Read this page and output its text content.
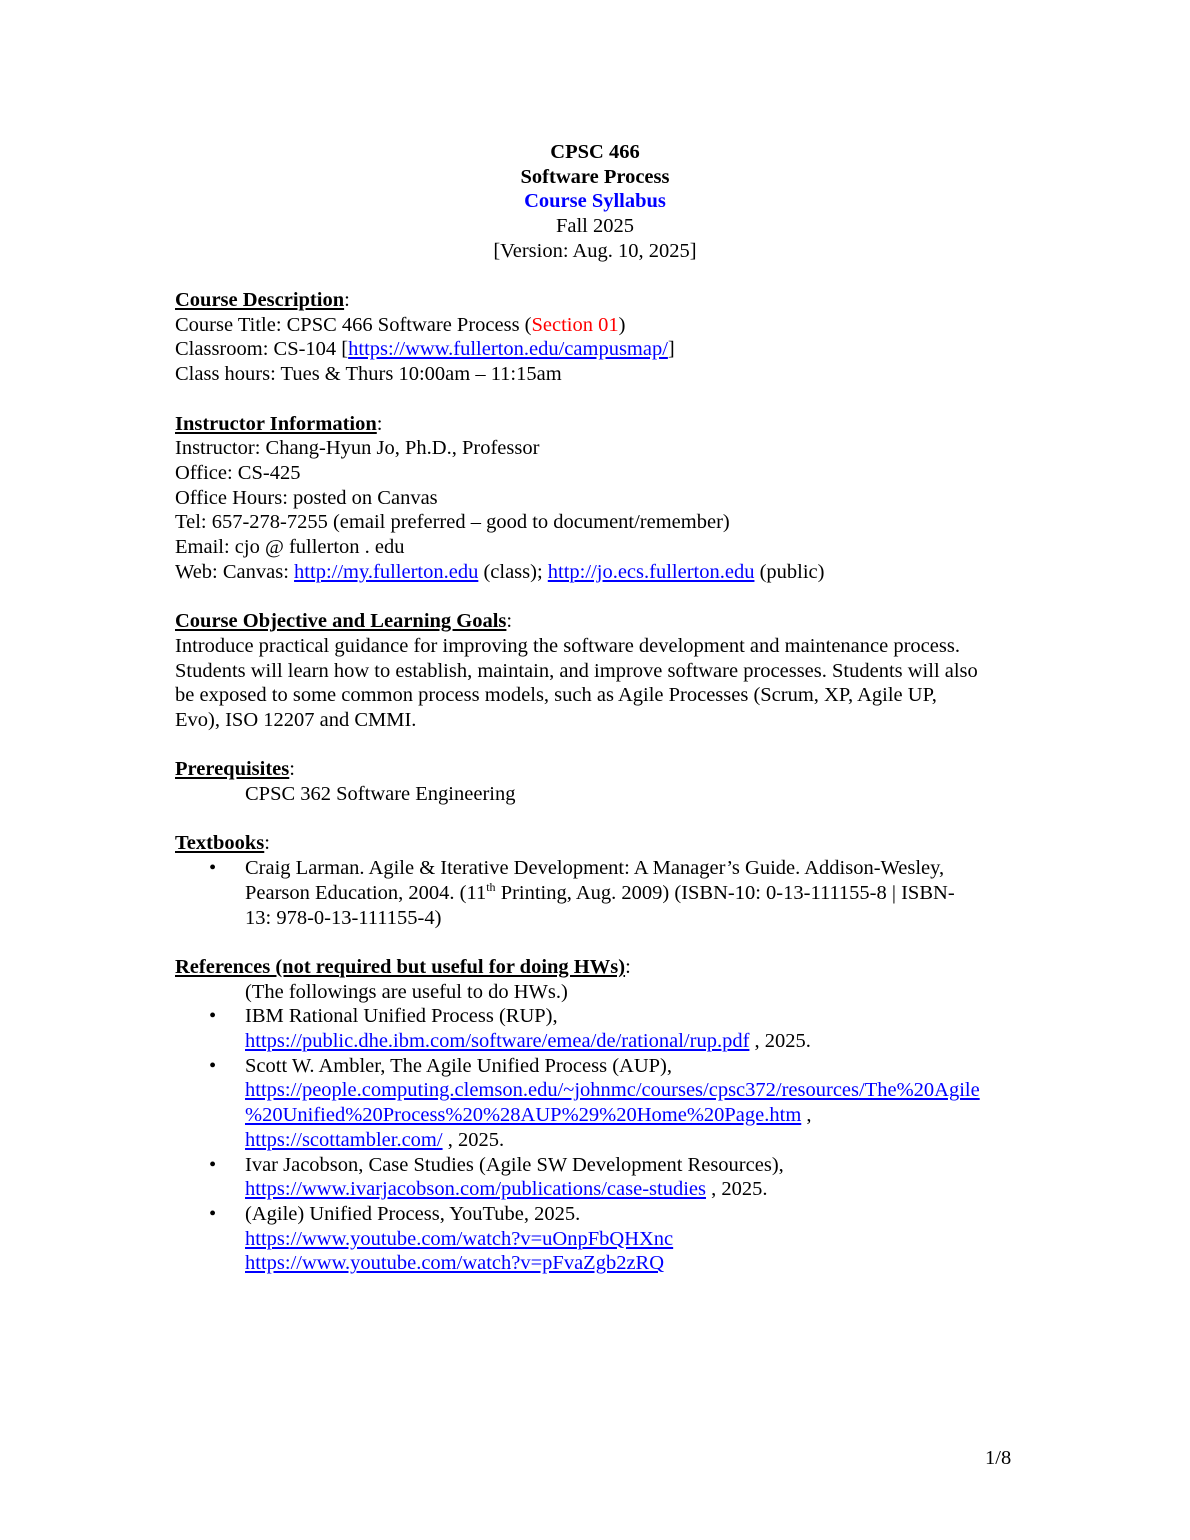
CPSC 466
Software Process
Course Syllabus
Fall 2025
[Version: Aug. 10, 2025]
Course Description:
Course Title: CPSC 466 Software Process (Section 01)
Classroom: CS-104 [https://www.fullerton.edu/campusmap/]
Class hours: Tues & Thurs 10:00am – 11:15am
Instructor Information:
Instructor: Chang-Hyun Jo, Ph.D., Professor
Office: CS-425
Office Hours: posted on Canvas
Tel: 657-278-7255 (email preferred – good to document/remember)
Email: cjo @ fullerton . edu
Web: Canvas: http://my.fullerton.edu (class); http://jo.ecs.fullerton.edu (public)
Course Objective and Learning Goals:
Introduce practical guidance for improving the software development and maintenance process.
Students will learn how to establish, maintain, and improve software processes. Students will also
be exposed to some common process models, such as Agile Processes (Scrum, XP, Agile UP,
Evo), ISO 12207 and CMMI.
Prerequisites:
CPSC 362 Software Engineering
Textbooks:
• Craig Larman. Agile & Iterative Development: A Manager’s Guide. Addison-Wesley,
Pearson Education, 2004. (11th Printing, Aug. 2009) (ISBN-10: 0-13-111155-8 | ISBN-
13: 978-0-13-111155-4)
References (not required but useful for doing HWs):
(The followings are useful to do HWs.)
• IBM Rational Unified Process (RUP),
https://public.dhe.ibm.com/software/emea/de/rational/rup.pdf , 2025.
• Scott W. Ambler, The Agile Unified Process (AUP),
https://people.computing.clemson.edu/~johnmc/courses/cpsc372/resources/The%20Agile
%20Unified%20Process%20%28AUP%29%20Home%20Page.htm ,
https://scottambler.com/ , 2025.
• Ivar Jacobson, Case Studies (Agile SW Development Resources),
https://www.ivarjacobson.com/publications/case-studies , 2025.
• (Agile) Unified Process, YouTube, 2025.
https://www.youtube.com/watch?v=uOnpFbQHXnc
https://www.youtube.com/watch?v=pFvaZgb2zRQ
1/8
